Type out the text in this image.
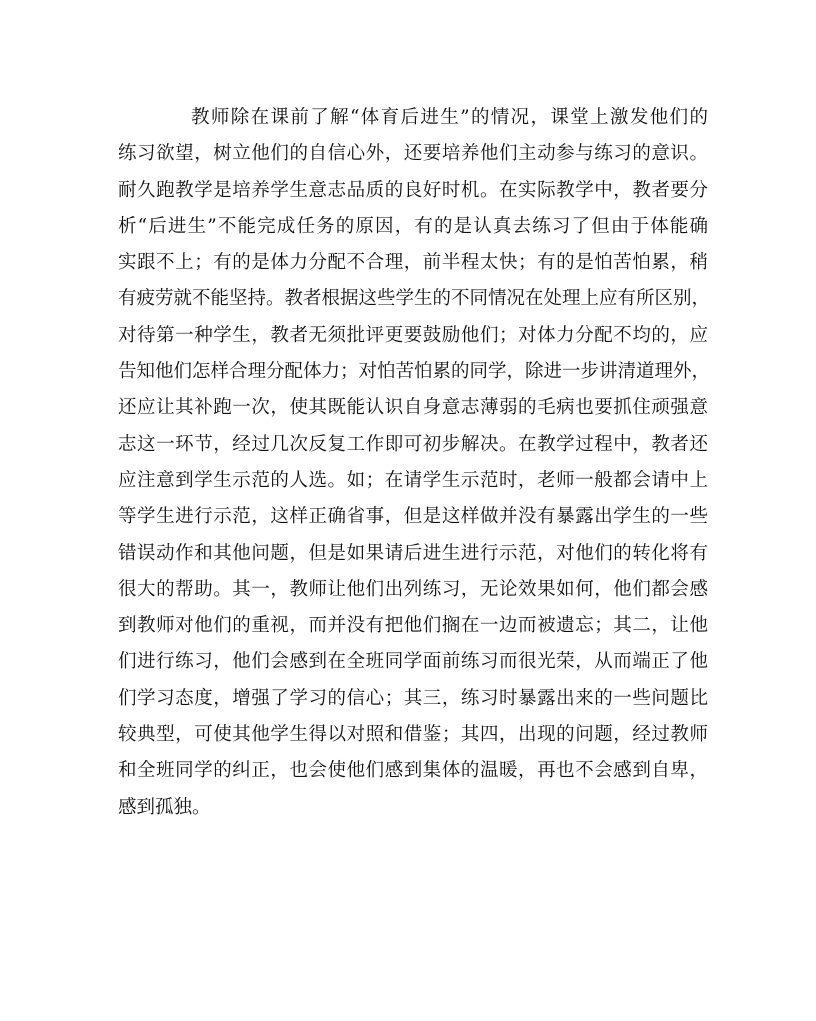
教师除在课前了解“体育后进生”的情况，课堂上激发他们的
练习欲望，树立他们的自信心外，还要培养他们主动参与练习的意识。
耐久跑教学是培养学生意志品质的良好时机。在实际教学中，教者要分
析“后进生”不能完成任务的原因，有的是认真去练习了但由于体能确
实跟不上；有的是体力分配不合理，前半程太快；有的是怕苦怕累，稍
有疲劳就不能坚持。教者根据这些学生的不同情况在处理上应有所区别，
对待第一种学生，教者无须批评更要鼓励他们；对体力分配不均的，应
告知他们怎样合理分配体力；对怕苦怕累的同学，除进一步讲清道理外，
还应让其补跑一次，使其既能认识自身意志薄弱的毛病也要抓住顽强意
志这一环节，经过几次反复工作即可初步解决。在教学过程中，教者还
应注意到学生示范的人选。如；在请学生示范时，老师一般都会请中上
等学生进行示范，这样正确省事，但是这样做并没有暴露出学生的一些
错误动作和其他问题，但是如果请后进生进行示范，对他们的转化将有
很大的帮助。其一，教师让他们出列练习，无论效果如何，他们都会感
到教师对他们的重视，而并没有把他们搁在一边而被遗忘；其二，让他
们进行练习，他们会感到在全班同学面前练习而很光荣，从而端正了他
们学习态度，增强了学习的信心；其三，练习时暴露出来的一些问题比
较典型，可使其他学生得以对照和借鉴；其四，出现的问题，经过教师
和全班同学的纠正，也会使他们感到集体的温暖，再也不会感到自卑，
感到孤独。
